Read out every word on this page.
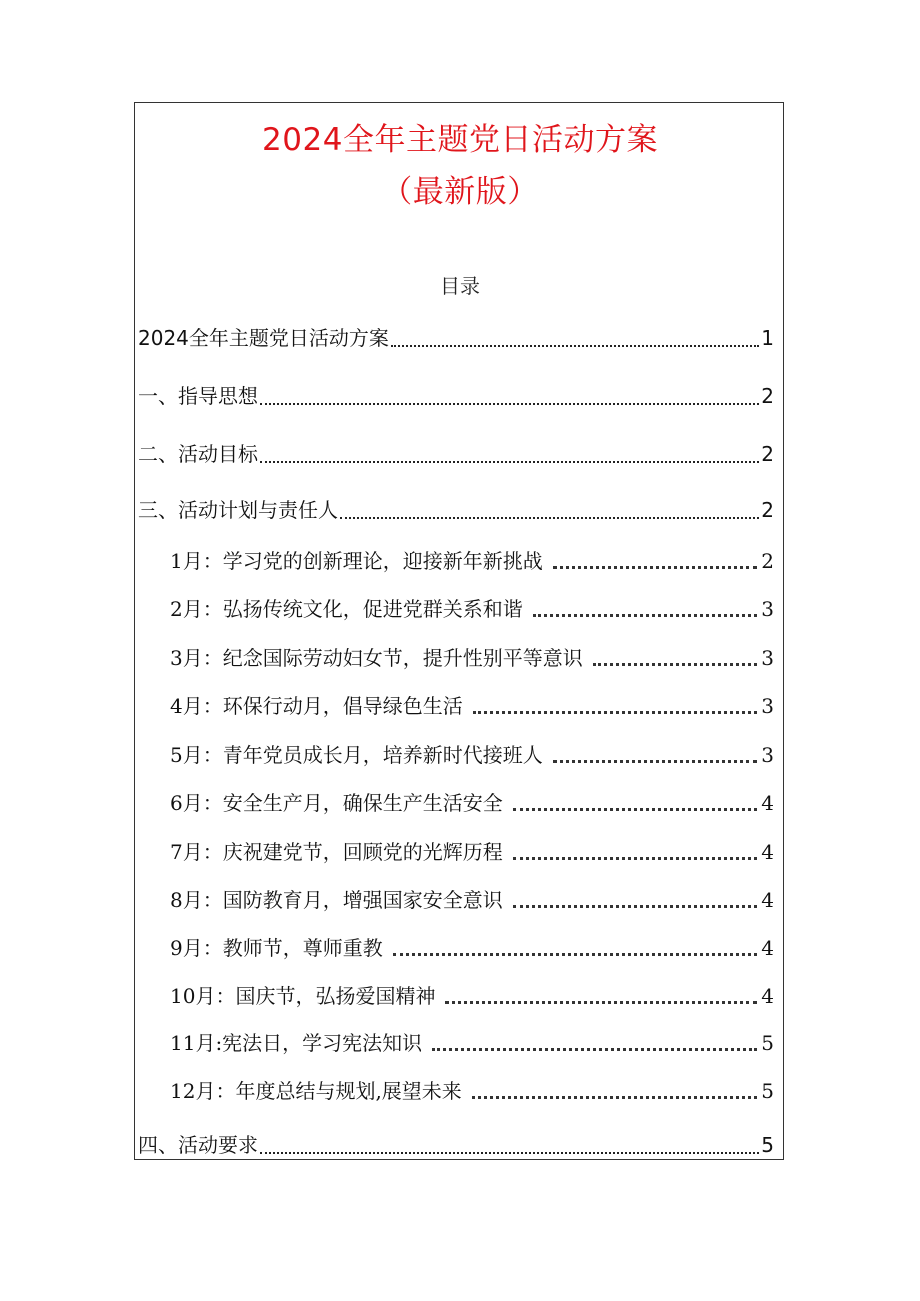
2024全年主题党日活动方案
（最新版）
目录
2024全年主题党日活动方案	1
一、指导思想	2
二、活动目标	2
三、活动计划与责任人	2
1月：学习党的创新理论，迎接新年新挑战	2
2月：弘扬传统文化，促进党群关系和谐	3
3月：纪念国际劳动妇女节，提升性别平等意识	3
4月：环保行动月，倡导绿色生活	3
5月：青年党员成长月，培养新时代接班人	3
6月：安全生产月，确保生产生活安全	4
7月：庆祝建党节，回顾党的光辉历程	4
8月：国防教育月，增强国家安全意识	4
9月：教师节，尊师重教	4
10月：国庆节，弘扬爱国精神	4
11月:宪法日，学习宪法知识	5
12月：年度总结与规划,展望未来	5
四、活动要求	5
